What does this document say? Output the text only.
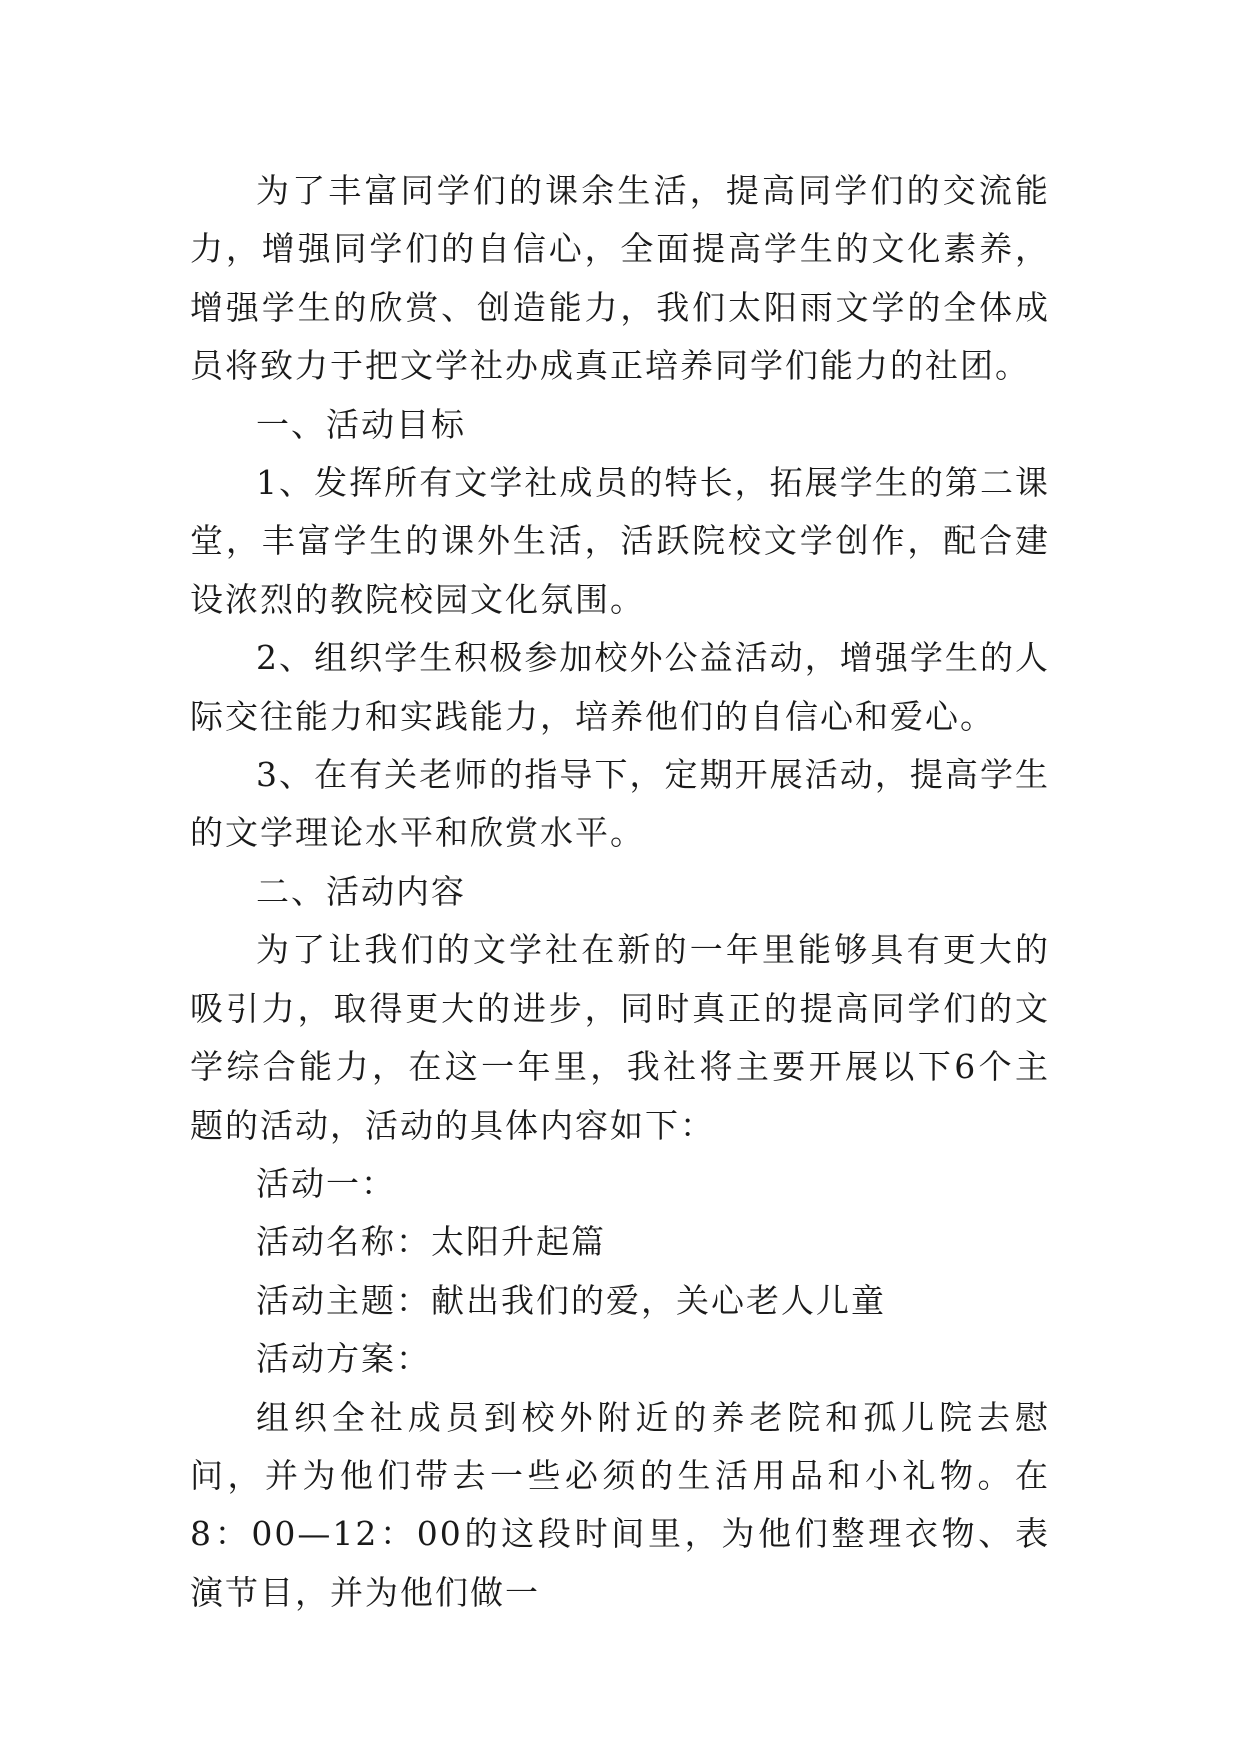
为了丰富同学们的课余生活，提高同学们的交流能力，增强同学们的自信心，全面提高学生的文化素养，增强学生的欣赏、创造能力，我们太阳雨文学的全体成员将致力于把文学社办成真正培养同学们能力的社团。

一、活动目标

1、发挥所有文学社成员的特长，拓展学生的第二课堂，丰富学生的课外生活，活跃院校文学创作，配合建设浓烈的教院校园文化氛围。

2、组织学生积极参加校外公益活动，增强学生的人际交往能力和实践能力，培养他们的自信心和爱心。

3、在有关老师的指导下，定期开展活动，提高学生的文学理论水平和欣赏水平。

二、活动内容

为了让我们的文学社在新的一年里能够具有更大的吸引力，取得更大的进步，同时真正的提高同学们的文学综合能力，在这一年里，我社将主要开展以下6个主题的活动，活动的具体内容如下：

活动一：

活动名称：太阳升起篇

活动主题：献出我们的爱，关心老人儿童

活动方案：

组织全社成员到校外附近的养老院和孤儿院去慰问，并为他们带去一些必须的生活用品和小礼物。在8：00—12：00的这段时间里，为他们整理衣物、表演节目，并为他们做一
